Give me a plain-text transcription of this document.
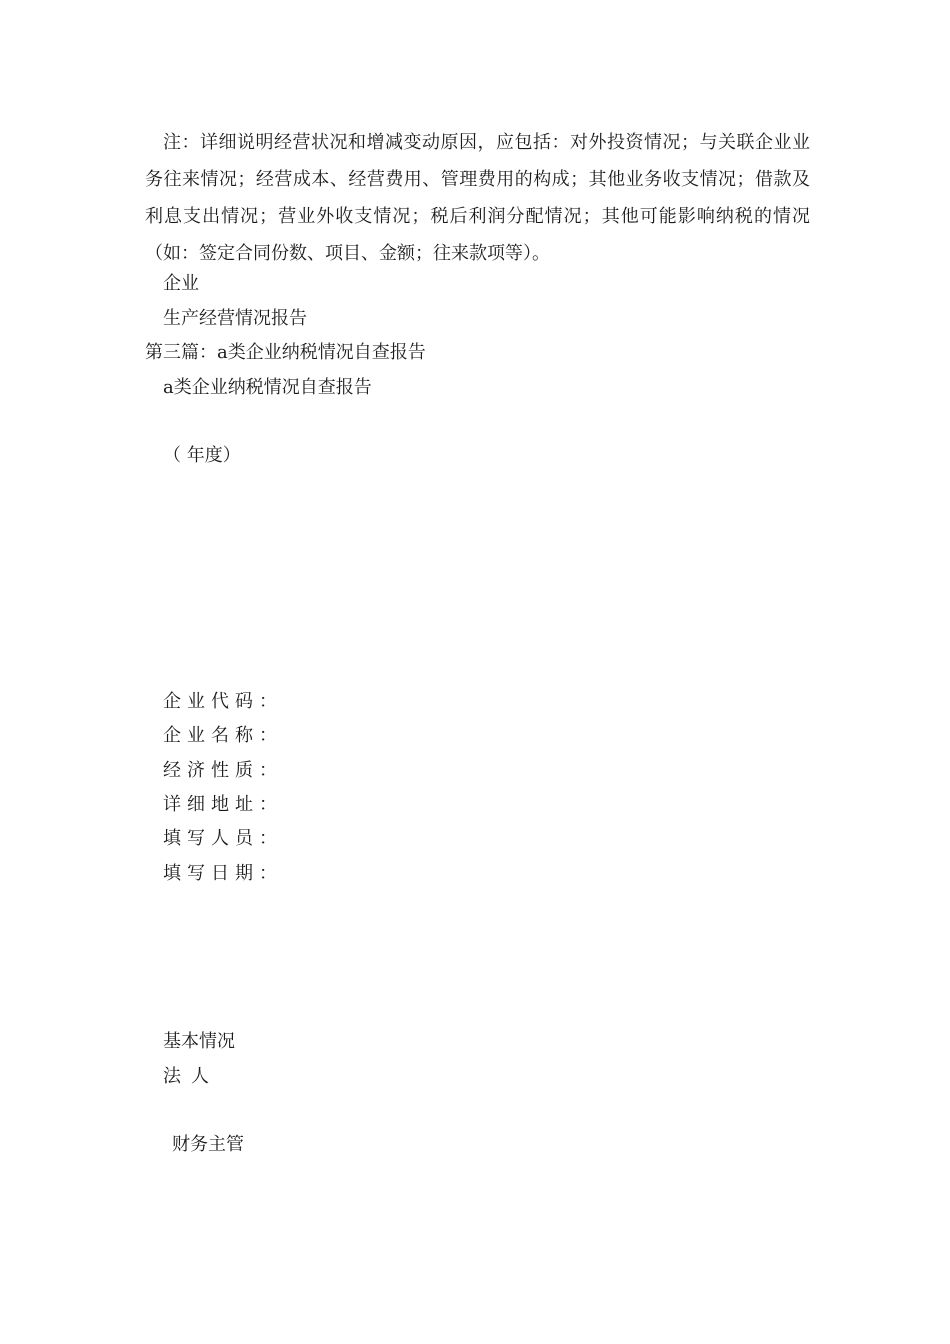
注：详细说明经营状况和增减变动原因，应包括：对外投资情况；与关联企业业务往来情况；经营成本、经营费用、管理费用的构成；其他业务收支情况；借款及利息支出情况；营业外收支情况；税后利润分配情况；其他可能影响纳税的情况（如：签定合同份数、项目、金额；往来款项等）。
企业
生产经营情况报告
第三篇：a类企业纳税情况自查报告
a类企业纳税情况自查报告
（ 年度）
企业代码：
企业名称：
经济性质：
详细地址：
填写人员：
填写日期：
基本情况
法人
财务主管
